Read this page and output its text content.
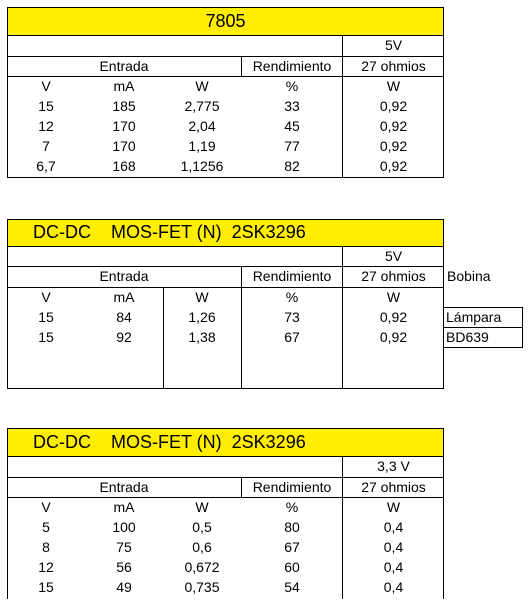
7805
5V
Entrada	Rendimiento	27 ohmios
V	mA	W	%	W
15	185	2,775	33	0,92
12	170	2,04	45	0,92
7	170	1,19	77	0,92
6,7	168	1,1256	82	0,92
DC-DC    MOS-FET (N)  2SK3296
5V
Entrada	Rendimiento	27 ohmios
V	mA	W	%	W
15	84	1,26	73	0,92
15	92	1,38	67	0,92
Bobina
Lámpara
BD639
DC-DC    MOS-FET (N)  2SK3296
3,3 V
Entrada	Rendimiento	27 ohmios
V	mA	W	%	W
5	100	0,5	80	0,4
8	75	0,6	67	0,4
12	56	0,672	60	0,4
15	49	0,735	54	0,4
